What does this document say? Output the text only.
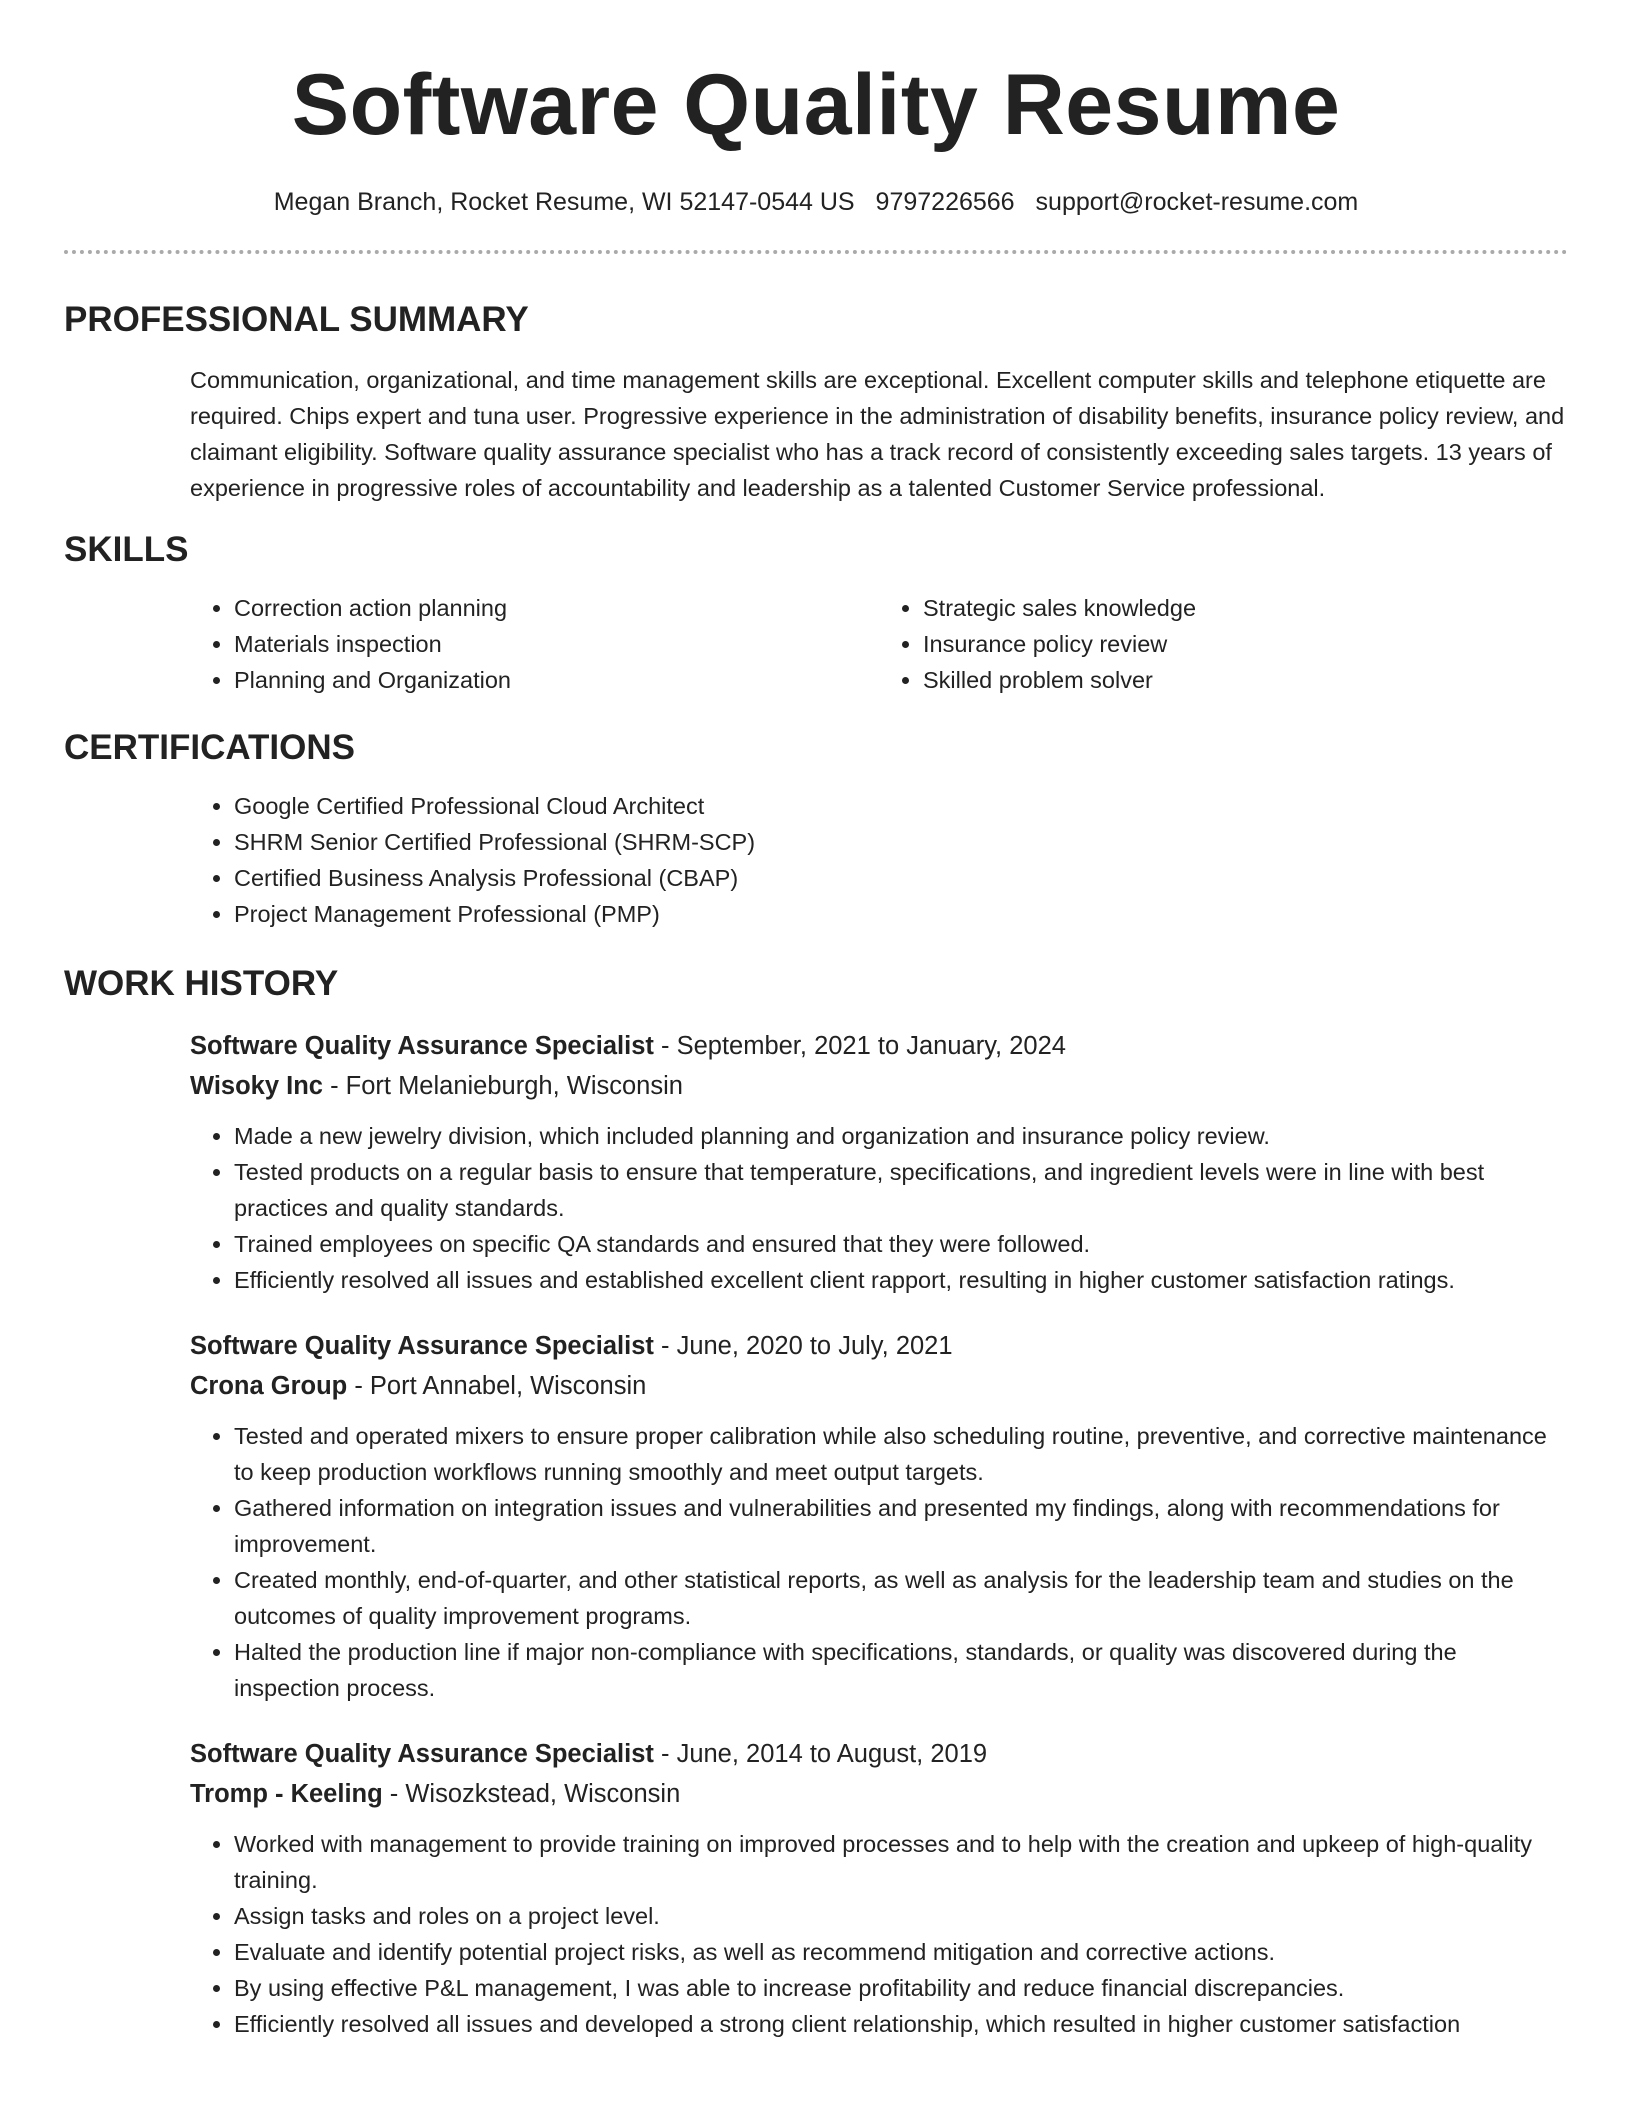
Software Quality Resume
Megan Branch, Rocket Resume, WI 52147-0544 US 9797226566 support@rocket-resume.com
PROFESSIONAL SUMMARY
Communication, organizational, and time management skills are exceptional. Excellent computer skills and telephone etiquette are required. Chips expert and tuna user. Progressive experience in the administration of disability benefits, insurance policy review, and claimant eligibility. Software quality assurance specialist who has a track record of consistently exceeding sales targets. 13 years of experience in progressive roles of accountability and leadership as a talented Customer Service professional.
SKILLS
• Correction action planning
• Materials inspection
• Planning and Organization
• Strategic sales knowledge
• Insurance policy review
• Skilled problem solver
CERTIFICATIONS
• Google Certified Professional Cloud Architect
• SHRM Senior Certified Professional (SHRM-SCP)
• Certified Business Analysis Professional (CBAP)
• Project Management Professional (PMP)
WORK HISTORY
Software Quality Assurance Specialist - September, 2021 to January, 2024
Wisoky Inc - Fort Melanieburgh, Wisconsin
• Made a new jewelry division, which included planning and organization and insurance policy review.
• Tested products on a regular basis to ensure that temperature, specifications, and ingredient levels were in line with best practices and quality standards.
• Trained employees on specific QA standards and ensured that they were followed.
• Efficiently resolved all issues and established excellent client rapport, resulting in higher customer satisfaction ratings.
Software Quality Assurance Specialist - June, 2020 to July, 2021
Crona Group - Port Annabel, Wisconsin
• Tested and operated mixers to ensure proper calibration while also scheduling routine, preventive, and corrective maintenance to keep production workflows running smoothly and meet output targets.
• Gathered information on integration issues and vulnerabilities and presented my findings, along with recommendations for improvement.
• Created monthly, end-of-quarter, and other statistical reports, as well as analysis for the leadership team and studies on the outcomes of quality improvement programs.
• Halted the production line if major non-compliance with specifications, standards, or quality was discovered during the inspection process.
Software Quality Assurance Specialist - June, 2014 to August, 2019
Tromp - Keeling - Wisozkstead, Wisconsin
• Worked with management to provide training on improved processes and to help with the creation and upkeep of high-quality training.
• Assign tasks and roles on a project level.
• Evaluate and identify potential project risks, as well as recommend mitigation and corrective actions.
• By using effective P&L management, I was able to increase profitability and reduce financial discrepancies.
• Efficiently resolved all issues and developed a strong client relationship, which resulted in higher customer satisfaction
